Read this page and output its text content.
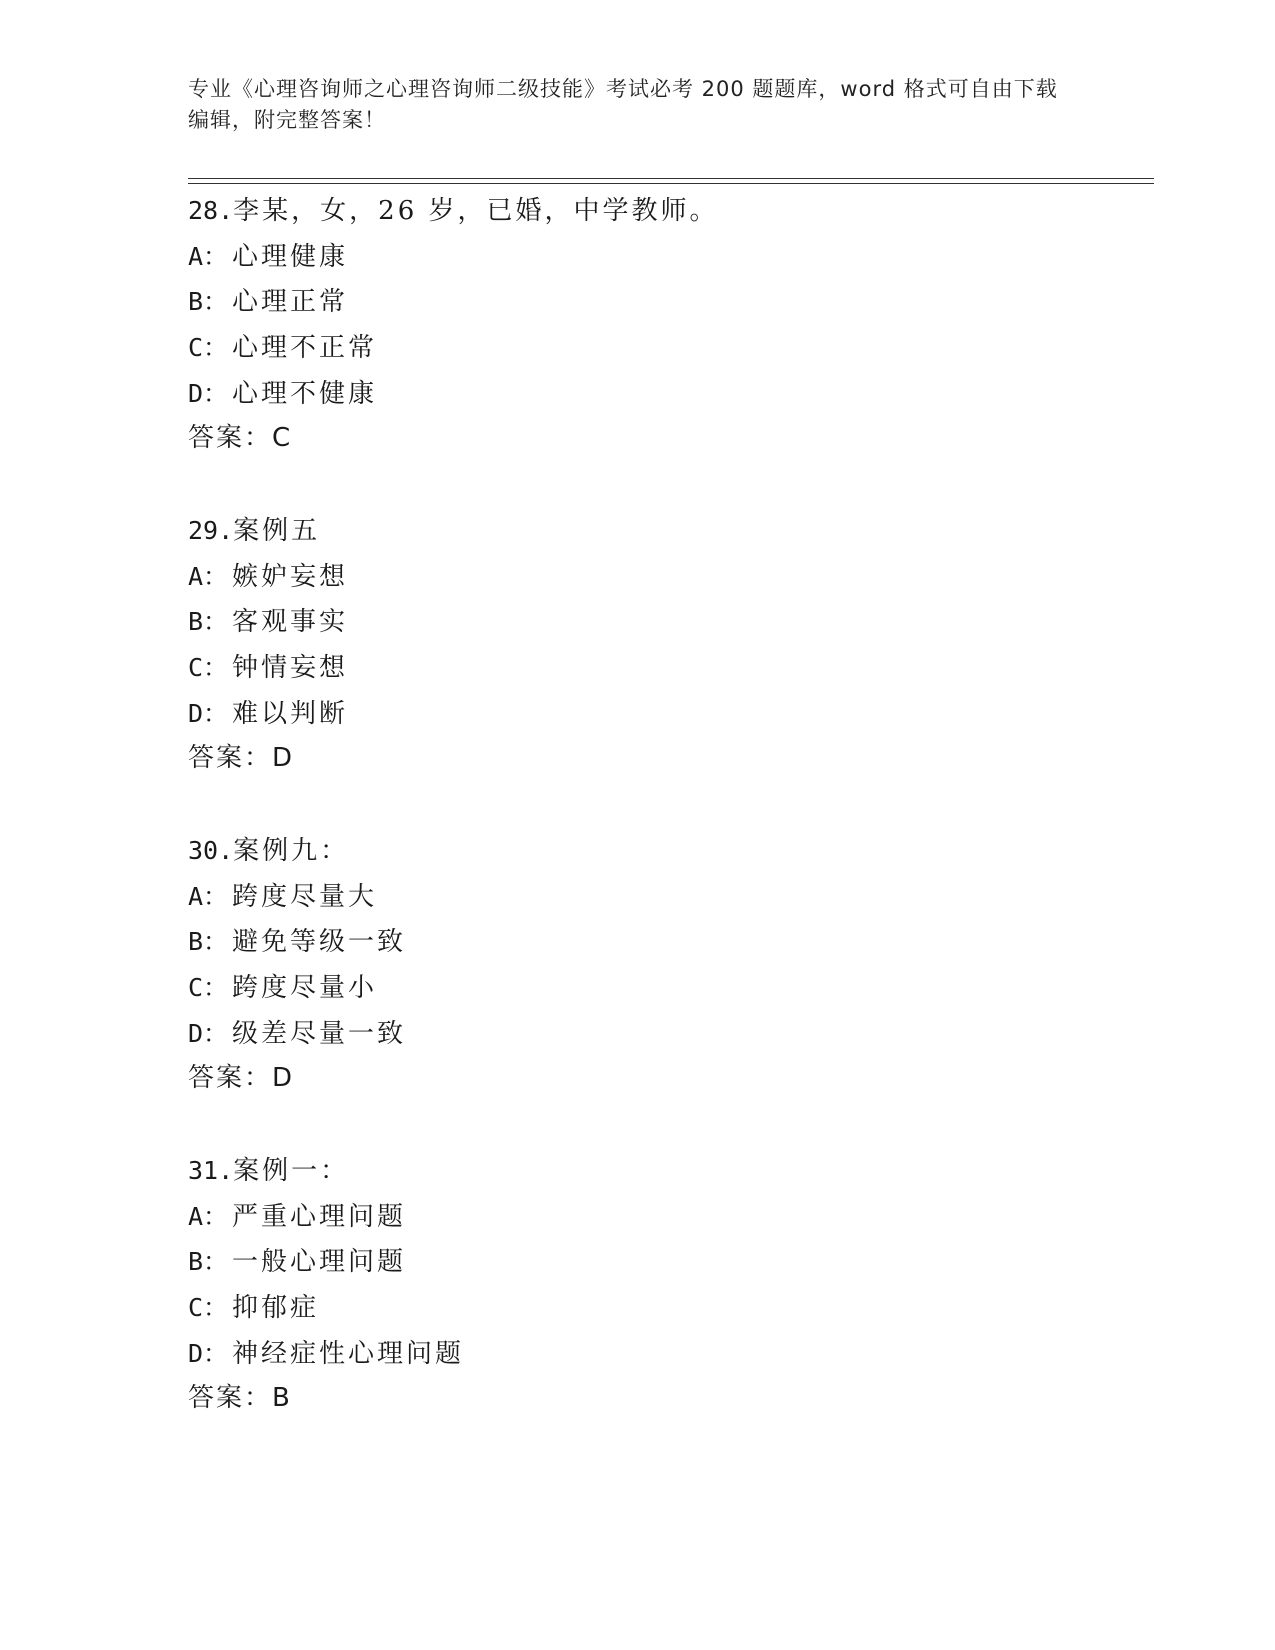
专业《心理咨询师之心理咨询师二级技能》考试必考 200 题题库，word 格式可自由下载编辑，附完整答案！
28.李某，女，26 岁，已婚，中学教师。
A： 心理健康
B： 心理正常
C： 心理不正常
D： 心理不健康
答案：C
29.案例五
A： 嫉妒妄想
B： 客观事实
C： 钟情妄想
D： 难以判断
答案：D
30.案例九：
A： 跨度尽量大
B： 避免等级一致
C： 跨度尽量小
D： 级差尽量一致
答案：D
31.案例一：
A： 严重心理问题
B： 一般心理问题
C： 抑郁症
D： 神经症性心理问题
答案：B
